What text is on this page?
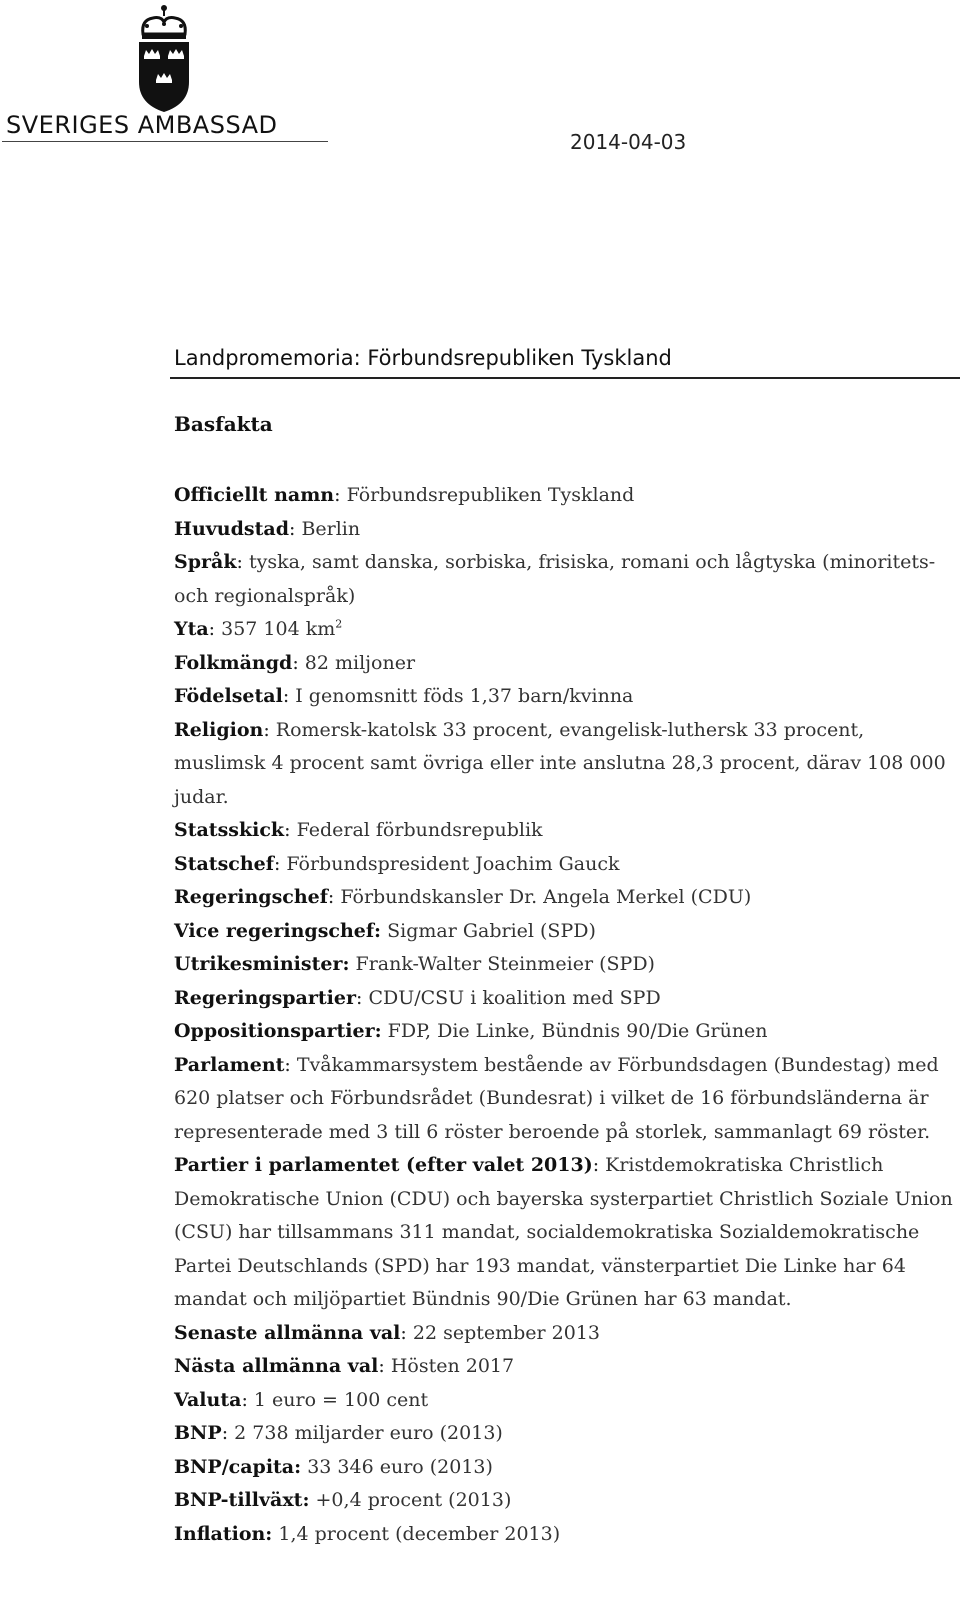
SVERIGES AMBASSAD
2014-04-03
Landpromemoria: Förbundsrepubliken Tyskland
Basfakta
Officiellt namn: Förbundsrepubliken Tyskland
Huvudstad: Berlin
Språk: tyska, samt danska, sorbiska, frisiska, romani och lågtyska (minoritets- och regionalspråk)
Yta: 357 104 $km^2$
Folkmängd: 82 miljoner
Födelsetal: I genomsnitt föds 1,37 barn/kvinna
Religion: Romersk-katolsk 33 procent, evangelisk-luthersk 33 procent, muslimsk 4 procent samt övriga eller inte anslutna 28,3 procent, därav 108 000 judar.
Statsskick: Federal förbundsrepublik
Statschef: Förbundspresident Joachim Gauck
Regeringschef: Förbundskansler Dr. Angela Merkel (CDU)
Vice regeringschef: Sigmar Gabriel (SPD)
Utrikesminister: Frank-Walter Steinmeier (SPD)
Regeringspartier: CDU/CSU i koalition med SPD
Oppositionspartier: FDP, Die Linke, Bündnis 90/Die Grünen
Parlament: Tvåkammarsystem bestående av Förbundsdagen (Bundestag) med 620 platser och Förbundsrådet (Bundesrat) i vilket de 16 förbundsländerna är representerade med 3 till 6 röster beroende på storlek, sammanlagt 69 röster.
Partier i parlamentet (efter valet 2013): Kristdemokratiska Christlich Demokratische Union (CDU) och bayerska systerpartiet Christlich Soziale Union (CSU) har tillsammans 311 mandat, socialdemokratiska Sozialdemokratische Partei Deutschlands (SPD) har 193 mandat, vänsterpartiet Die Linke har 64 mandat och miljöpartiet Bündnis 90/Die Grünen har 63 mandat.
Senaste allmänna val: 22 september 2013
Nästa allmänna val: Hösten 2017
Valuta: 1 euro = 100 cent
BNP: 2 738 miljarder euro (2013)
BNP/capita: 33 346 euro (2013)
BNP-tillväxt: +0,4 procent (2013)
Inflation: 1,4 procent (december 2013)
